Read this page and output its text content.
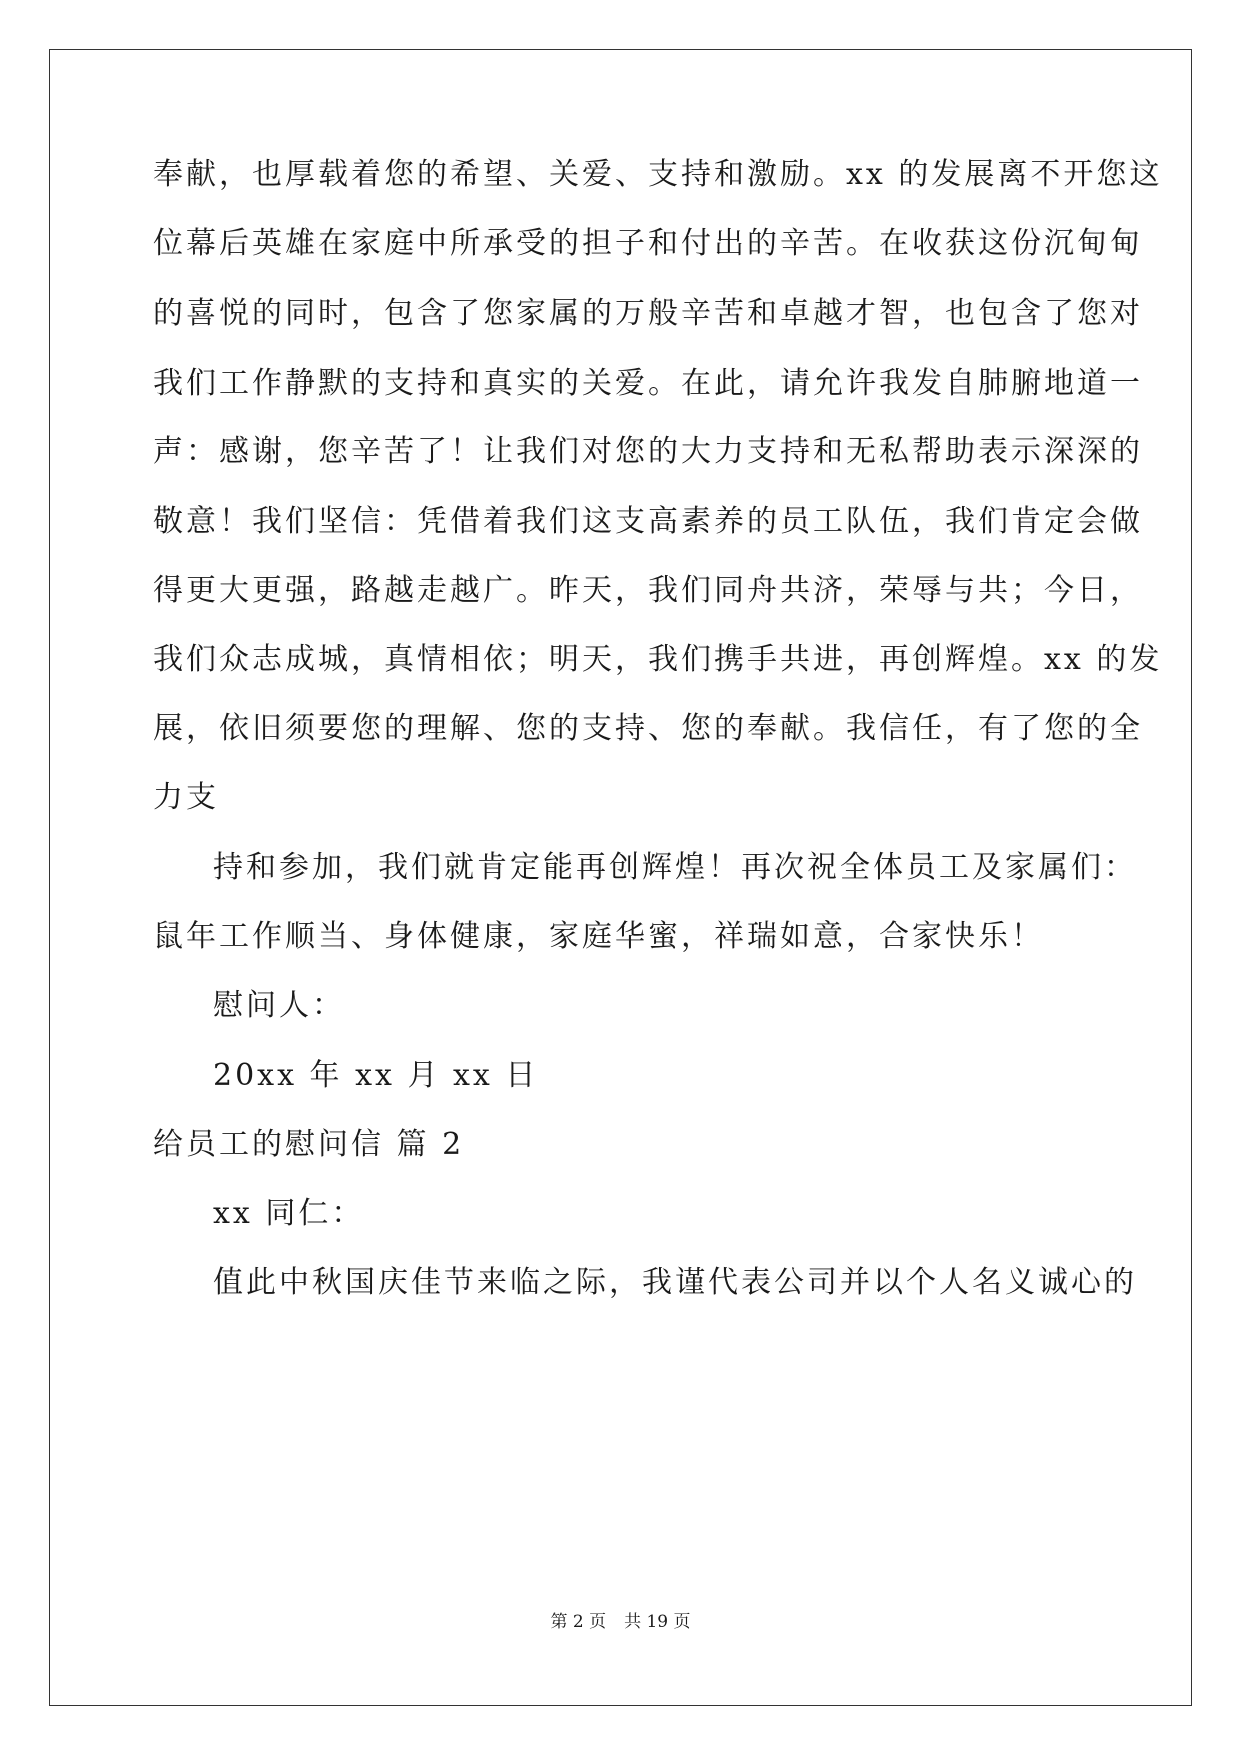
奉献，也厚载着您的希望、关爱、支持和激励。xx 的发展离不开您这
位幕后英雄在家庭中所承受的担子和付出的辛苦。在收获这份沉甸甸
的喜悦的同时，包含了您家属的万般辛苦和卓越才智，也包含了您对
我们工作静默的支持和真实的关爱。在此，请允许我发自肺腑地道一
声：感谢，您辛苦了！让我们对您的大力支持和无私帮助表示深深的
敬意！我们坚信：凭借着我们这支高素养的员工队伍，我们肯定会做
得更大更强，路越走越广。昨天，我们同舟共济，荣辱与共；今日，
我们众志成城，真情相依；明天，我们携手共进，再创辉煌。xx 的发
展，依旧须要您的理解、您的支持、您的奉献。我信任，有了您的全
力支
持和参加，我们就肯定能再创辉煌！再次祝全体员工及家属们：
鼠年工作顺当、身体健康，家庭华蜜，祥瑞如意，合家快乐！
慰问人：
20xx 年 xx 月 xx 日
给员工的慰问信 篇 2
xx 同仁：
值此中秋国庆佳节来临之际，我谨代表公司并以个人名义诚心的
第 2 页 共 19 页
